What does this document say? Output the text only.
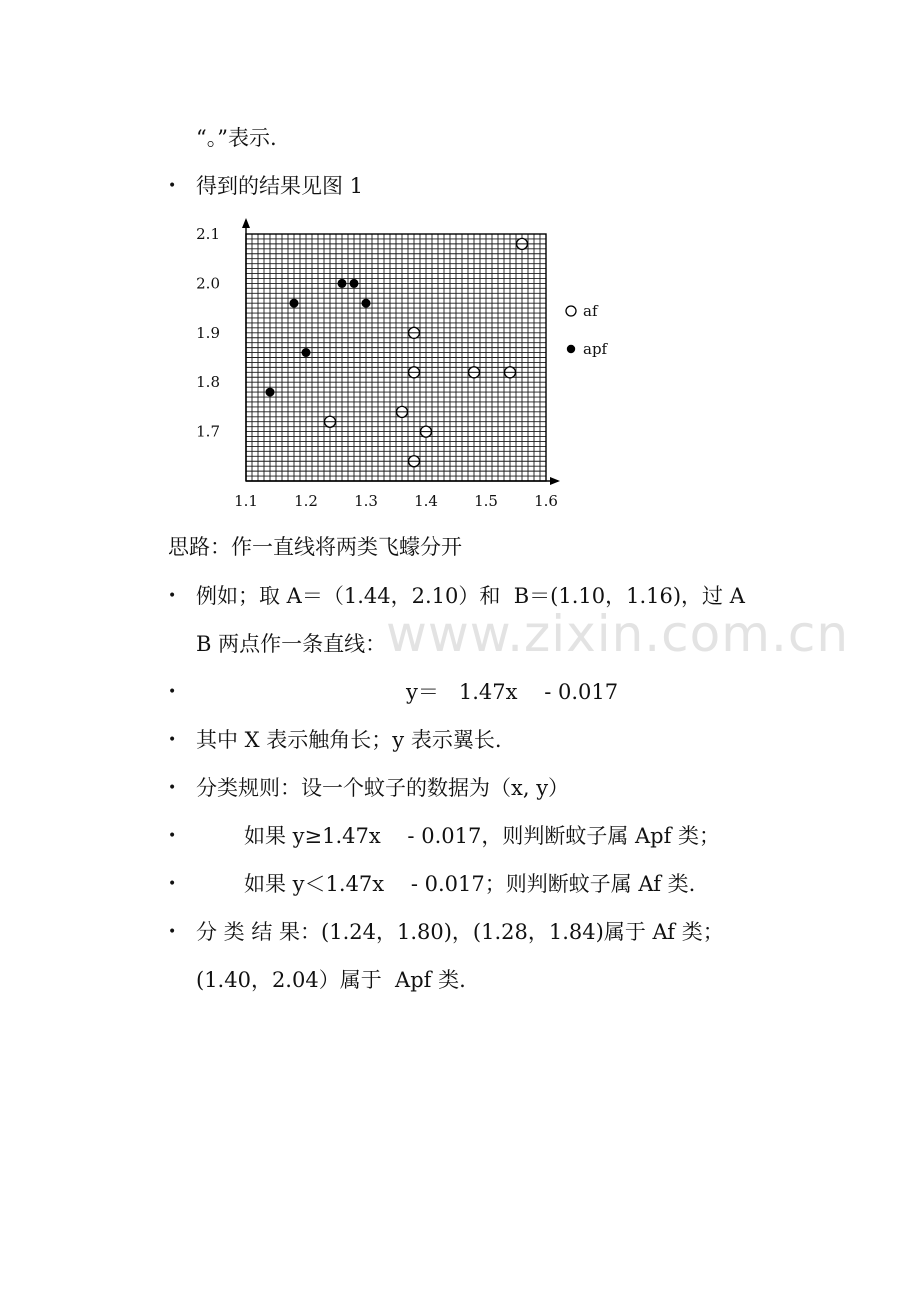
www.zixin.com.cn
“。”表示.
• 得到的结果见图 1
思路：作一直线将两类飞蠓分开
• 例如；取 A＝（1.44，2.10）和  B＝(1.10，1.16)，过 A
B 两点作一条直线：
•	y＝   1.47x    - 0.017
• 其中 X 表示触角长；y 表示翼长.
• 分类规则：设一个蚊子的数据为（x, y）
•	如果 y≥1.47x    - 0.017，则判断蚊子属 Apf 类；
•	如果 y＜1.47x    - 0.017；则判断蚊子属 Af 类.
• 分 类 结 果：(1.24，1.80)，(1.28，1.84)属于 Af 类；
(1.40，2.04）属于  Apf 类.
1.1 1.2 1.3 1.4 1.5 1.6
1.7
1.8
1.9
2.0
2.1
af
apf
